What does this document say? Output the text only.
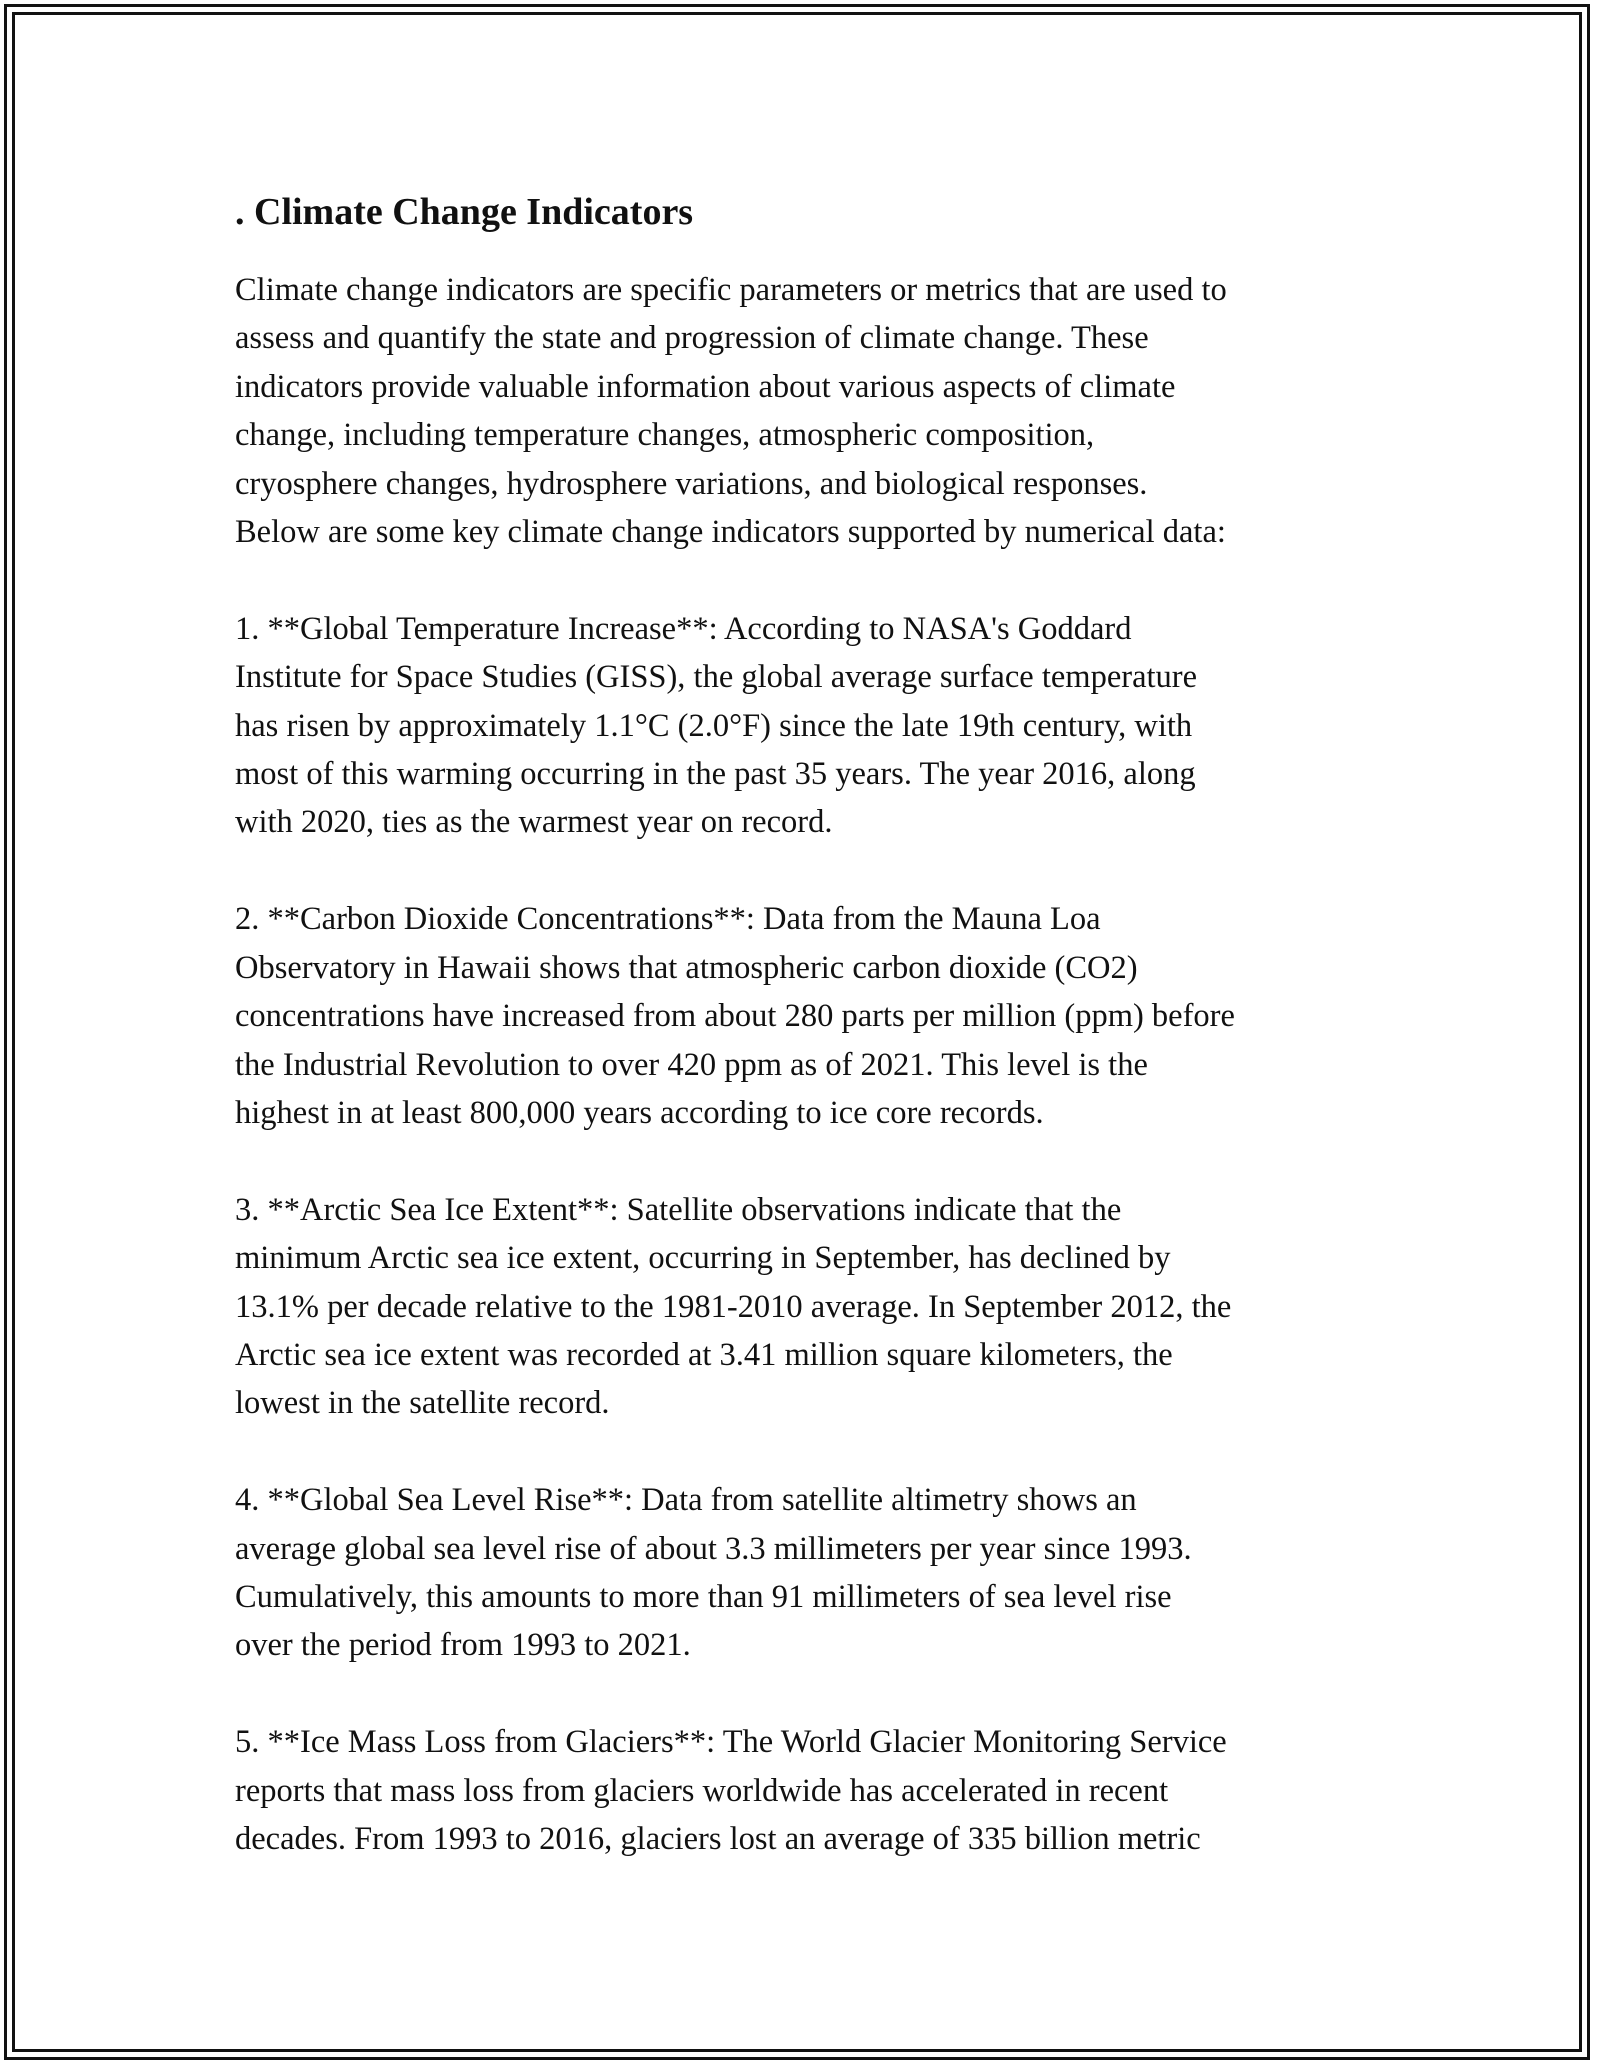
. Climate Change Indicators
Climate change indicators are specific parameters or metrics that are used to
assess and quantify the state and progression of climate change. These
indicators provide valuable information about various aspects of climate
change, including temperature changes, atmospheric composition,
cryosphere changes, hydrosphere variations, and biological responses.
Below are some key climate change indicators supported by numerical data:

1. **Global Temperature Increase**: According to NASA's Goddard
Institute for Space Studies (GISS), the global average surface temperature
has risen by approximately 1.1°C (2.0°F) since the late 19th century, with
most of this warming occurring in the past 35 years. The year 2016, along
with 2020, ties as the warmest year on record.

2. **Carbon Dioxide Concentrations**: Data from the Mauna Loa
Observatory in Hawaii shows that atmospheric carbon dioxide (CO2)
concentrations have increased from about 280 parts per million (ppm) before
the Industrial Revolution to over 420 ppm as of 2021. This level is the
highest in at least 800,000 years according to ice core records.

3. **Arctic Sea Ice Extent**: Satellite observations indicate that the
minimum Arctic sea ice extent, occurring in September, has declined by
13.1% per decade relative to the 1981-2010 average. In September 2012, the
Arctic sea ice extent was recorded at 3.41 million square kilometers, the
lowest in the satellite record.

4. **Global Sea Level Rise**: Data from satellite altimetry shows an
average global sea level rise of about 3.3 millimeters per year since 1993.
Cumulatively, this amounts to more than 91 millimeters of sea level rise
over the period from 1993 to 2021.

5. **Ice Mass Loss from Glaciers**: The World Glacier Monitoring Service
reports that mass loss from glaciers worldwide has accelerated in recent
decades. From 1993 to 2016, glaciers lost an average of 335 billion metric
